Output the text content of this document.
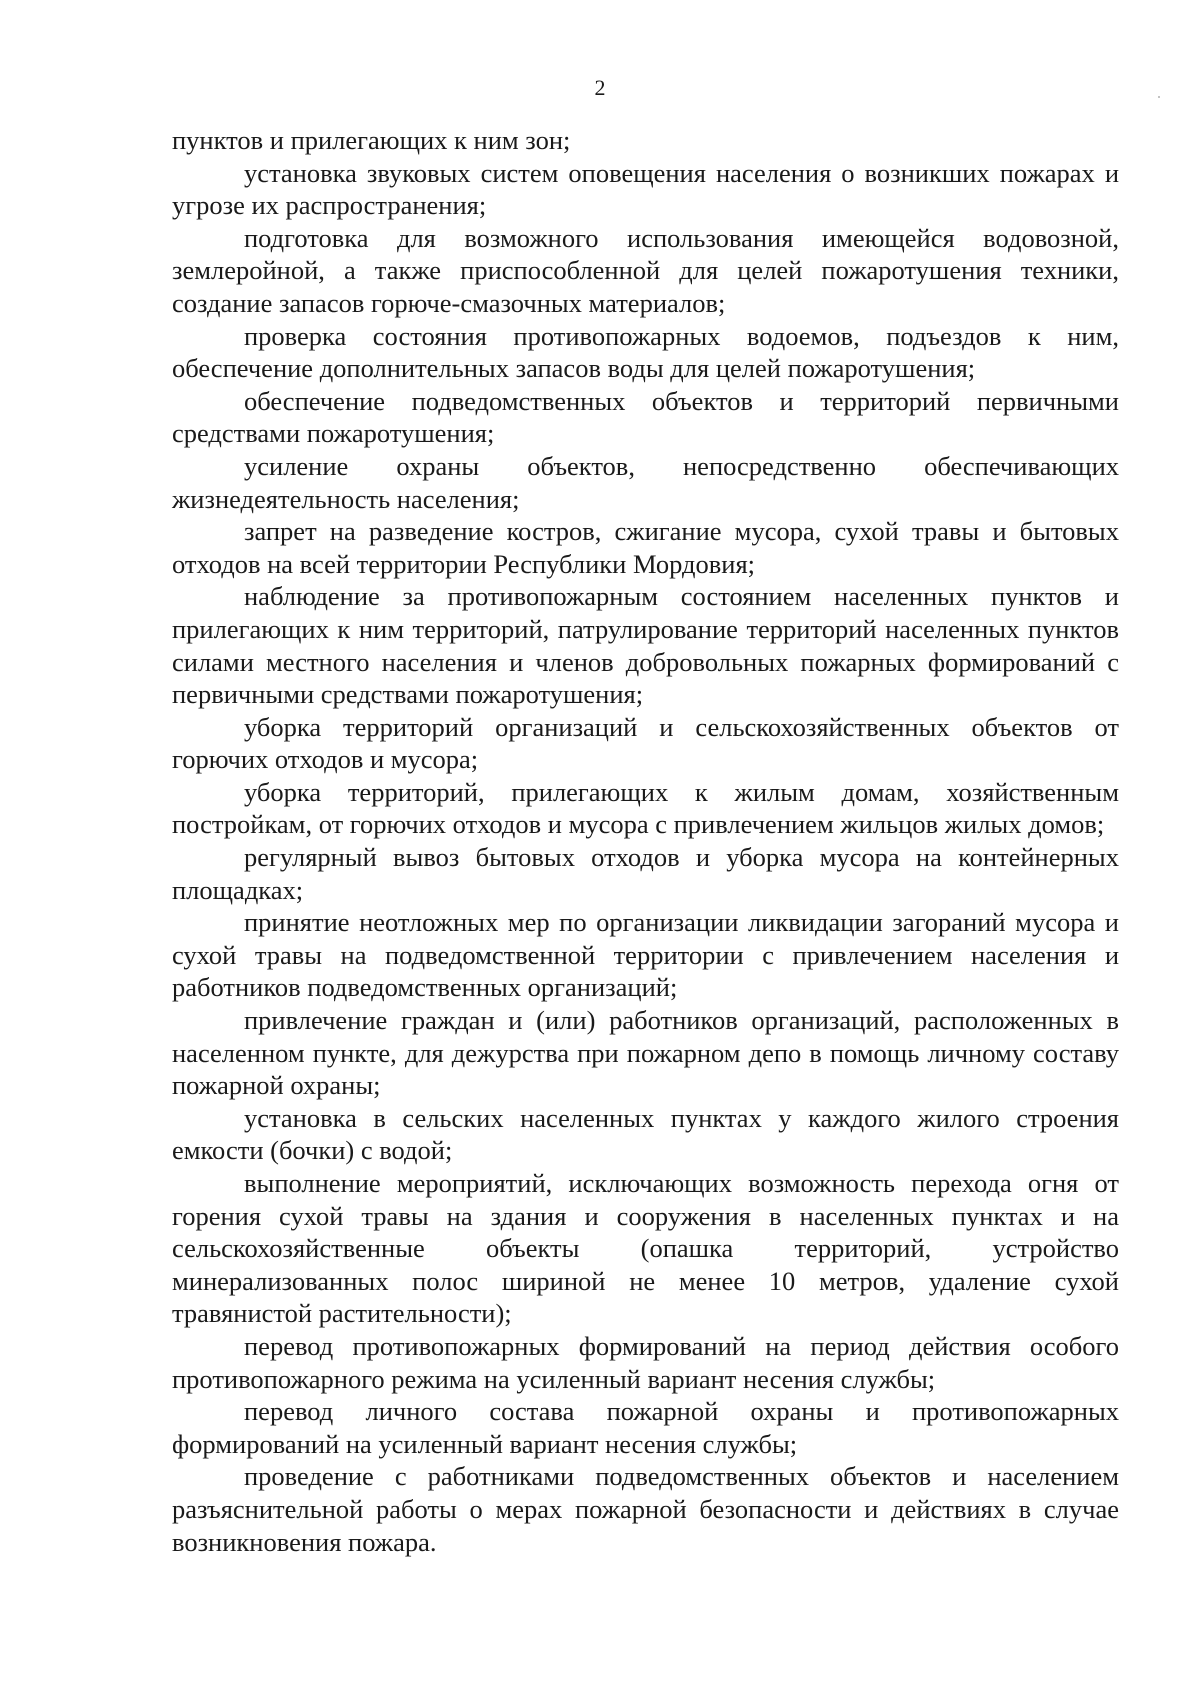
2

пунктов и прилегающих к ним зон;

установка звуковых систем оповещения населения о возникших пожарах и угрозе их распространения;

подготовка для возможного использования имеющейся водовозной, землеройной, а также приспособленной для целей пожаротушения техники, создание запасов горюче-смазочных материалов;

проверка состояния противопожарных водоемов, подъездов к ним, обеспечение дополнительных запасов воды для целей пожаротушения;

обеспечение подведомственных объектов и территорий первичными средствами пожаротушения;

усиление охраны объектов, непосредственно обеспечивающих жизнедеятельность населения;

запрет на разведение костров, сжигание мусора, сухой травы и бытовых отходов на всей территории Республики Мордовия;

наблюдение за противопожарным состоянием населенных пунктов и прилегающих к ним территорий, патрулирование территорий населенных пунктов силами местного населения и членов добровольных пожарных формирований с первичными средствами пожаротушения;

уборка территорий организаций и сельскохозяйственных объектов от горючих отходов и мусора;

уборка территорий, прилегающих к жилым домам, хозяйственным постройкам, от горючих отходов и мусора с привлечением жильцов жилых домов;

регулярный вывоз бытовых отходов и уборка мусора на контейнерных площадках;

принятие неотложных мер по организации ликвидации загораний мусора и сухой травы на подведомственной территории с привлечением населения и работников подведомственных организаций;

привлечение граждан и (или) работников организаций, расположенных в населенном пункте, для дежурства при пожарном депо в помощь личному составу пожарной охраны;

установка в сельских населенных пунктах у каждого жилого строения емкости (бочки) с водой;

выполнение мероприятий, исключающих возможность перехода огня от горения сухой травы на здания и сооружения в населенных пунктах и на сельскохозяйственные объекты (опашка территорий, устройство минерализованных полос шириной не менее 10 метров, удаление сухой травянистой растительности);

перевод противопожарных формирований на период действия особого противопожарного режима на усиленный вариант несения службы;

перевод личного состава пожарной охраны и противопожарных формирований на усиленный вариант несения службы;

проведение с работниками подведомственных объектов и населением разъяснительной работы о мерах пожарной безопасности и действиях в случае возникновения пожара.
